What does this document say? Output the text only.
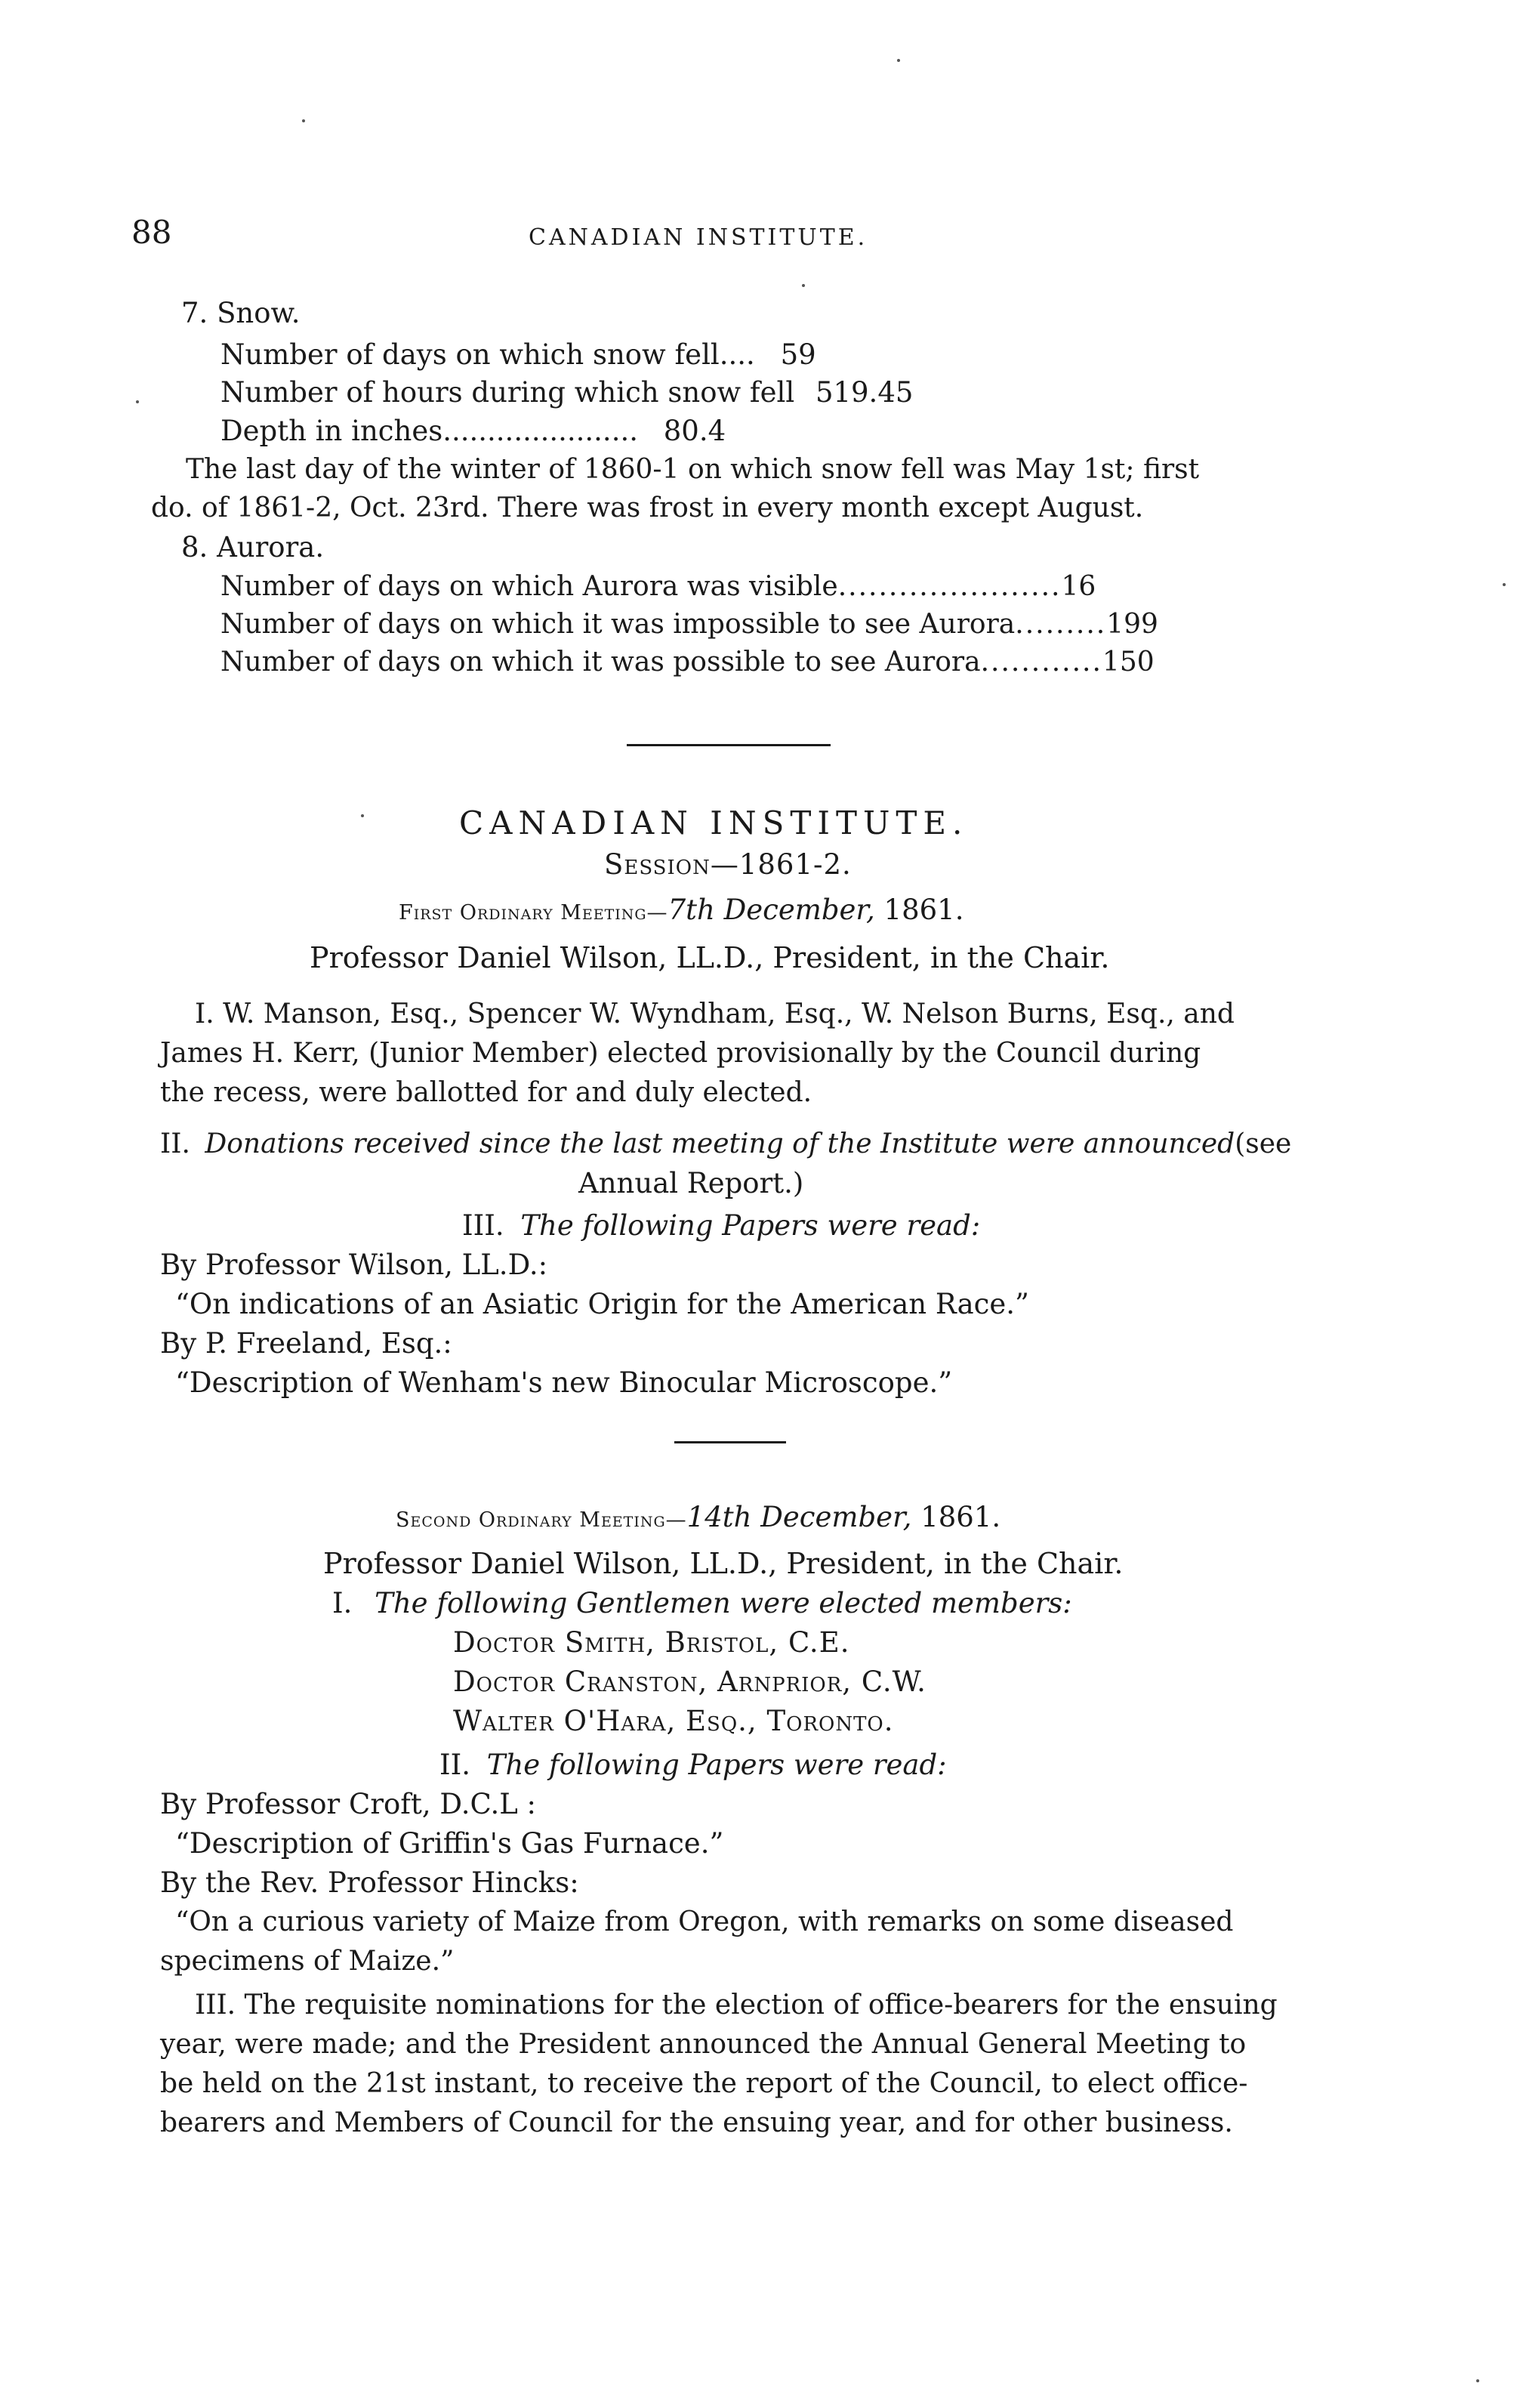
88	CANADIAN INSTITUTE.
7. Snow.
Number of days on which snow fell.... 59
Number of hours during which snow fell 519.45
Depth in inches...................... 80.4
The last day of the winter of 1860-1 on which snow fell was May 1st; first
do. of 1861-2, Oct. 23rd. There was frost in every month except August.
8. Aurora.
Number of days on which Aurora was visible......................16
Number of days on which it was impossible to see Aurora.........199
Number of days on which it was possible to see Aurora............150
CANADIAN INSTITUTE.
Session—1861-2.
First Ordinary Meeting—7th December, 1861.
Professor Daniel Wilson, LL.D., President, in the Chair.
I. W. Manson, Esq., Spencer W. Wyndham, Esq., W. Nelson Burns, Esq., and
James H. Kerr, (Junior Member) elected provisionally by the Council during
the recess, were ballotted for and duly elected.
II. Donations received since the last meeting of the Institute were announced(see
Annual Report.)
III. The following Papers were read:
By Professor Wilson, LL.D.:
“On indications of an Asiatic Origin for the American Race.”
By P. Freeland, Esq.:
“Description of Wenham's new Binocular Microscope.”
Second Ordinary Meeting—14th December, 1861.
Professor Daniel Wilson, LL.D., President, in the Chair.
I. The following Gentlemen were elected members:
Doctor Smith, Bristol, C.E.
Doctor Cranston, Arnprior, C.W.
Walter O'Hara, Esq., Toronto.
II. The following Papers were read:
By Professor Croft, D.C.L :
“Description of Griffin's Gas Furnace.”
By the Rev. Professor Hincks:
“On a curious variety of Maize from Oregon, with remarks on some diseased
specimens of Maize.”
III. The requisite nominations for the election of office-bearers for the ensuing
year, were made; and the President announced the Annual General Meeting to
be held on the 21st instant, to receive the report of the Council, to elect office-
bearers and Members of Council for the ensuing year, and for other business.
